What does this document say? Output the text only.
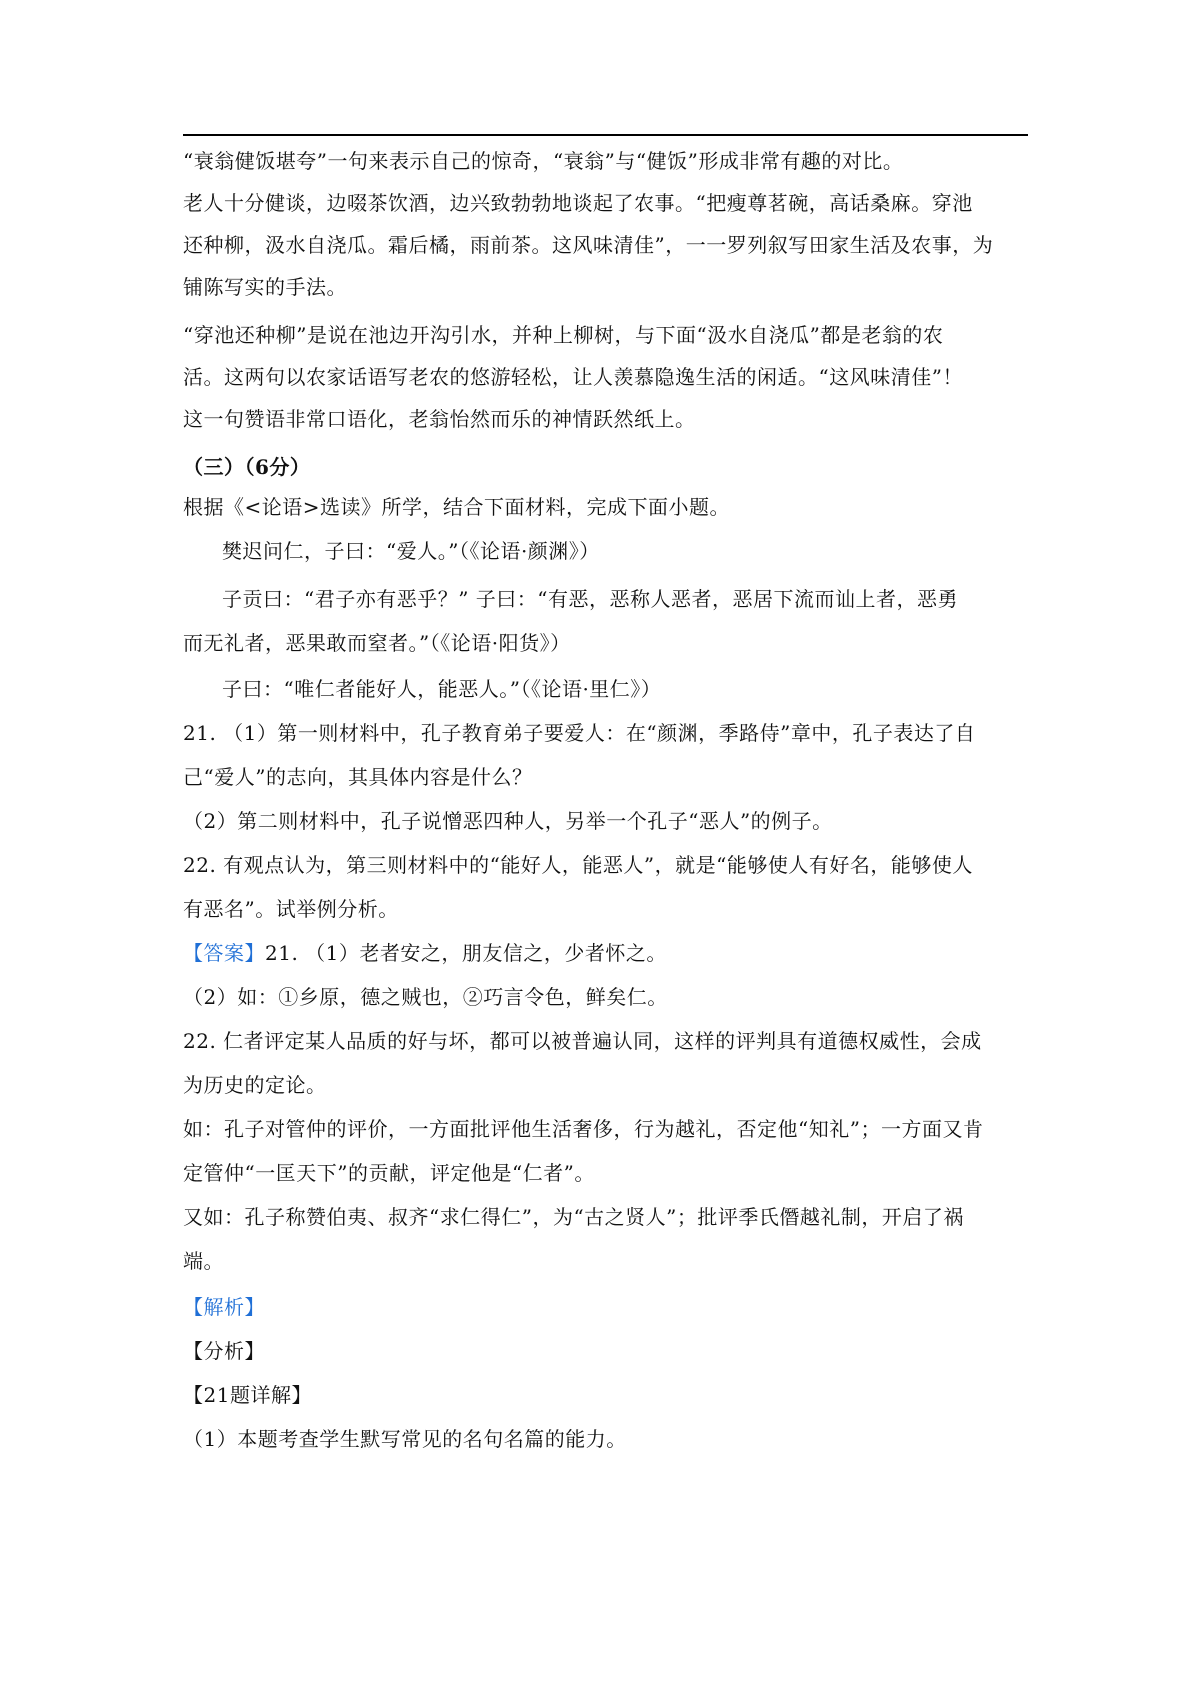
“衰翁健饭堪夸”一句来表示自己的惊奇，“衰翁”与“健饭”形成非常有趣的对比。
老人十分健谈，边啜茶饮酒，边兴致勃勃地谈起了农事。“把瘦尊茗碗，高话桑麻。穿池
还种柳，汲水自浇瓜。霜后橘，雨前茶。这风味清佳”，一一罗列叙写田家生活及农事，为
铺陈写实的手法。
“穿池还种柳”是说在池边开沟引水，并种上柳树，与下面“汲水自浇瓜”都是老翁的农
活。这两句以农家话语写老农的悠游轻松，让人羡慕隐逸生活的闲适。“这风味清佳”！
这一句赞语非常口语化，老翁怡然而乐的神情跃然纸上。
（三）（6分）
根据《<论语>选读》所学，结合下面材料，完成下面小题。
樊迟问仁，子曰：“爱人。”（《论语·颜渊》）
子贡曰：“君子亦有恶乎？” 子曰：“有恶，恶称人恶者，恶居下流而讪上者，恶勇
而无礼者，恶果敢而窒者。”（《论语·阳货》）
子曰：“唯仁者能好人，能恶人。”（《论语·里仁》）
21. （1）第一则材料中，孔子教育弟子要爱人：在“颜渊，季路侍”章中，孔子表达了自
己“爱人”的志向，其具体内容是什么？
（2）第二则材料中，孔子说憎恶四种人，另举一个孔子“恶人”的例子。
22. 有观点认为，第三则材料中的“能好人，能恶人”，就是“能够使人有好名，能够使人
有恶名”。试举例分析。
【答案】21. （1）老者安之，朋友信之，少者怀之。
（2）如：①乡原，德之贼也，②巧言令色，鲜矣仁。
22. 仁者评定某人品质的好与坏，都可以被普遍认同，这样的评判具有道德权威性，会成
为历史的定论。
如：孔子对管仲的评价，一方面批评他生活奢侈，行为越礼，否定他“知礼”；一方面又肯
定管仲“一匡天下”的贡献，评定他是“仁者”。
又如：孔子称赞伯夷、叔齐“求仁得仁”，为“古之贤人”；批评季氏僭越礼制，开启了祸
端。
【解析】
【分析】
【21题详解】
（1）本题考查学生默写常见的名句名篇的能力。
